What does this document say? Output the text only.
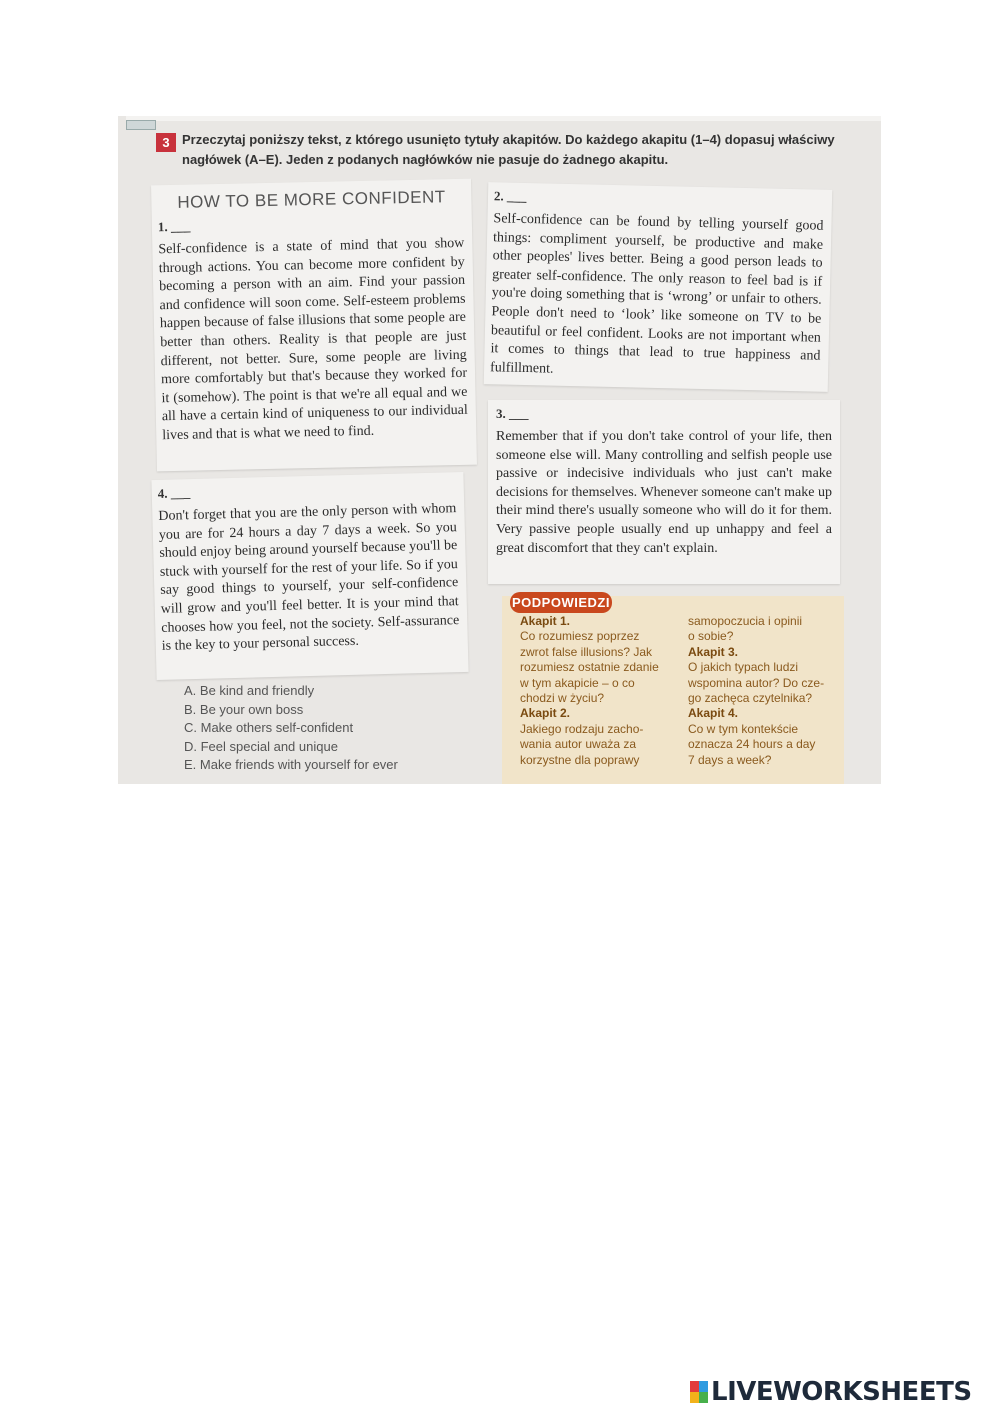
3 Przeczytaj poniższy tekst, z którego usunięto tytuły akapitów. Do każdego akapitu (1–4) dopasuj właściwy nagłówek (A–E). Jeden z podanych nagłówków nie pasuje do żadnego akapitu.
HOW TO BE MORE CONFIDENT
1. ___

Self-confidence is a state of mind that you show through actions. You can become more confident by becoming a person with an aim. Find your passion and confidence will soon come. Self-esteem problems happen because of false illusions that some people are better than others. Reality is that people are just different, not better. Sure, some people are living more comfortably but that's because they worked for it (somehow). The point is that we're all equal and we all have a certain kind of uniqueness to our individual lives and that is what we need to find.

2. ___

Self-confidence can be found by telling yourself good things: compliment yourself, be productive and make other peoples' lives better. Being a good person leads to greater self-confidence. The only reason to feel bad is if you're doing something that is ‘wrong’ or unfair to others. People don't need to ‘look’ like someone on TV to be beautiful or feel confident. Looks are not important when it comes to things that lead to true happiness and fulfillment.

3. ___

Remember that if you don't take control of your life, then someone else will. Many controlling and selfish people use passive or indecisive individuals who just can't make decisions for themselves. Whenever someone can't make up their mind there's usually someone who will do it for them. Very passive people usually end up unhappy and feel a great discomfort that they can't explain.

4. ___

Don't forget that you are the only person with whom you are for 24 hours a day 7 days a week. So you should enjoy being around yourself because you'll be stuck with yourself for the rest of your life. So if you say good things to yourself, your self-confidence will grow and you'll feel better. It is your mind that chooses how you feel, not the society. Self-assurance is the key to your personal success.

A. Be kind and friendly
B. Be your own boss
C. Make others self-confident
D. Feel special and unique
E. Make friends with yourself for ever
PODPOWIEDZI
Akapit 1.
Co rozumiesz poprzez
zwrot false illusions? Jak
rozumiesz ostatnie zdanie
w tym akapicie – o co
chodzi w życiu?
Akapit 2.
Jakiego rodzaju zacho-
wania autor uważa za
korzystne dla poprawy
samopoczucia i opinii
o sobie?
Akapit 3.
O jakich typach ludzi
wspomina autor? Do cze-
go zachęca czytelnika?
Akapit 4.
Co w tym kontekście
oznacza 24 hours a day
7 days a week?
LIVEWORKSHEETS
